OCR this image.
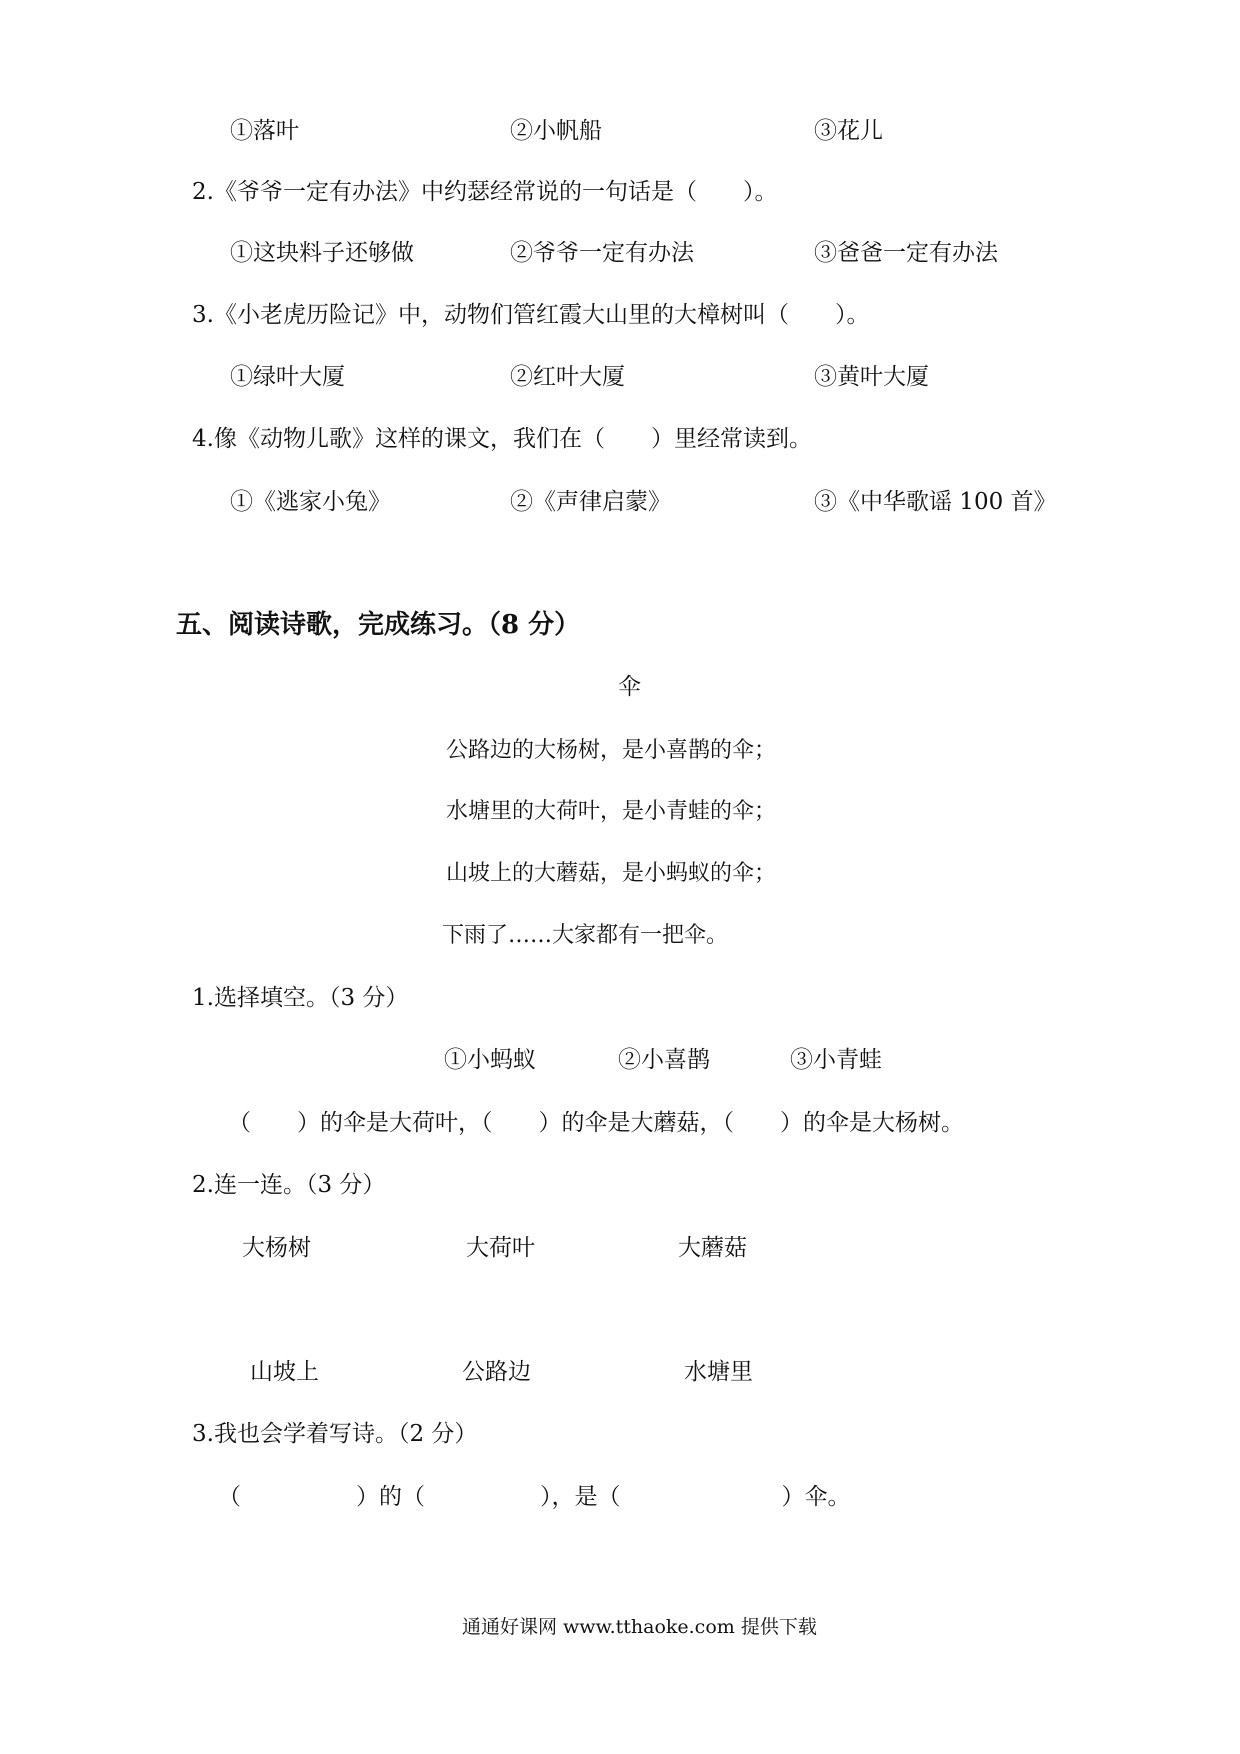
①落叶	②小帆船	③花儿
2.《爷爷一定有办法》中约瑟经常说的一句话是（　　）。
①这块料子还够做	②爷爷一定有办法	③爸爸一定有办法
3.《小老虎历险记》中，动物们管红霞大山里的大樟树叫（　　）。
①绿叶大厦	②红叶大厦	③黄叶大厦
4.像《动物儿歌》这样的课文，我们在（　　）里经常读到。
①《逃家小兔》	②《声律启蒙》	③《中华歌谣 100 首》
五、阅读诗歌，完成练习。（8 分）
伞
公路边的大杨树，是小喜鹊的伞；
水塘里的大荷叶，是小青蛙的伞；
山坡上的大蘑菇，是小蚂蚁的伞；
下雨了……大家都有一把伞。
1.选择填空。（3 分）
①小蚂蚁	②小喜鹊	③小青蛙
（　　）的伞是大荷叶，（　　）的伞是大蘑菇，（　　）的伞是大杨树。
2.连一连。（3 分）
大杨树	大荷叶	大蘑菇
山坡上	公路边	水塘里
3.我也会学着写诗。（2 分）
（　　　　　）的（　　　　　），是（　　　　　　　）伞。
通通好课网 www.tthaoke.com 提供下载
